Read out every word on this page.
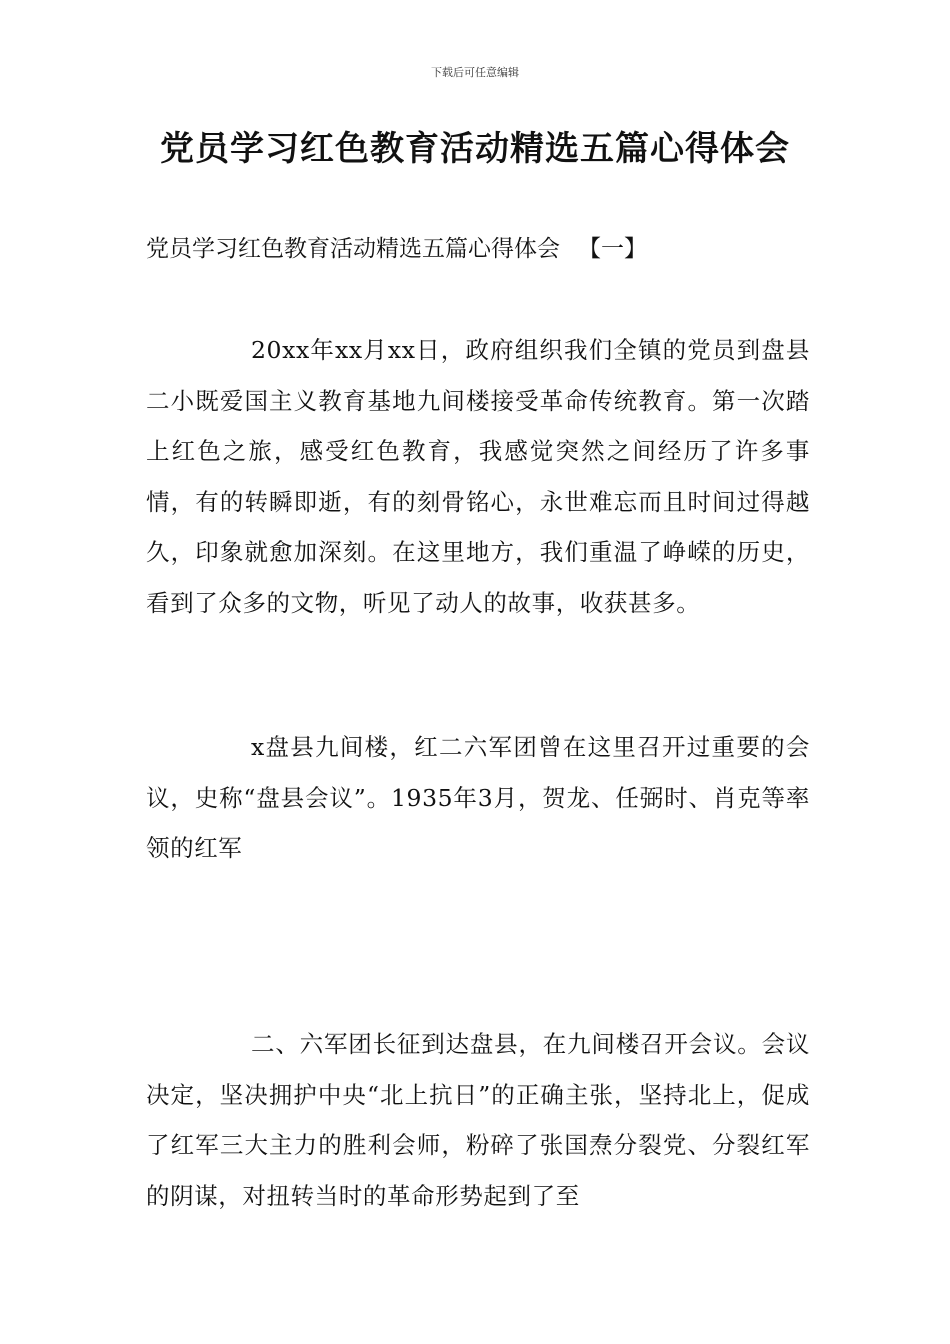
下载后可任意编辑
党员学习红色教育活动精选五篇心得体会
党员学习红色教育活动精选五篇心得体会 【一】

20xx年xx月xx日，政府组织我们全镇的党员到盘县二小既爱国主义教育基地九间楼接受革命传统教育。第一次踏上红色之旅，感受红色教育，我感觉突然之间经历了许多事情，有的转瞬即逝，有的刻骨铭心，永世难忘而且时间过得越久，印象就愈加深刻。在这里地方，我们重温了峥嵘的历史，看到了众多的文物，听见了动人的故事，收获甚多。

x盘县九间楼，红二六军团曾在这里召开过重要的会议，史称“盘县会议”。1935年3月，贺龙、任弼时、肖克等率领的红军

二、六军团长征到达盘县，在九间楼召开会议。会议决定，坚决拥护中央“北上抗日”的正确主张，坚持北上，促成了红军三大主力的胜利会师，粉碎了张国焘分裂党、分裂红军的阴谋，对扭转当时的革命形势起到了至
